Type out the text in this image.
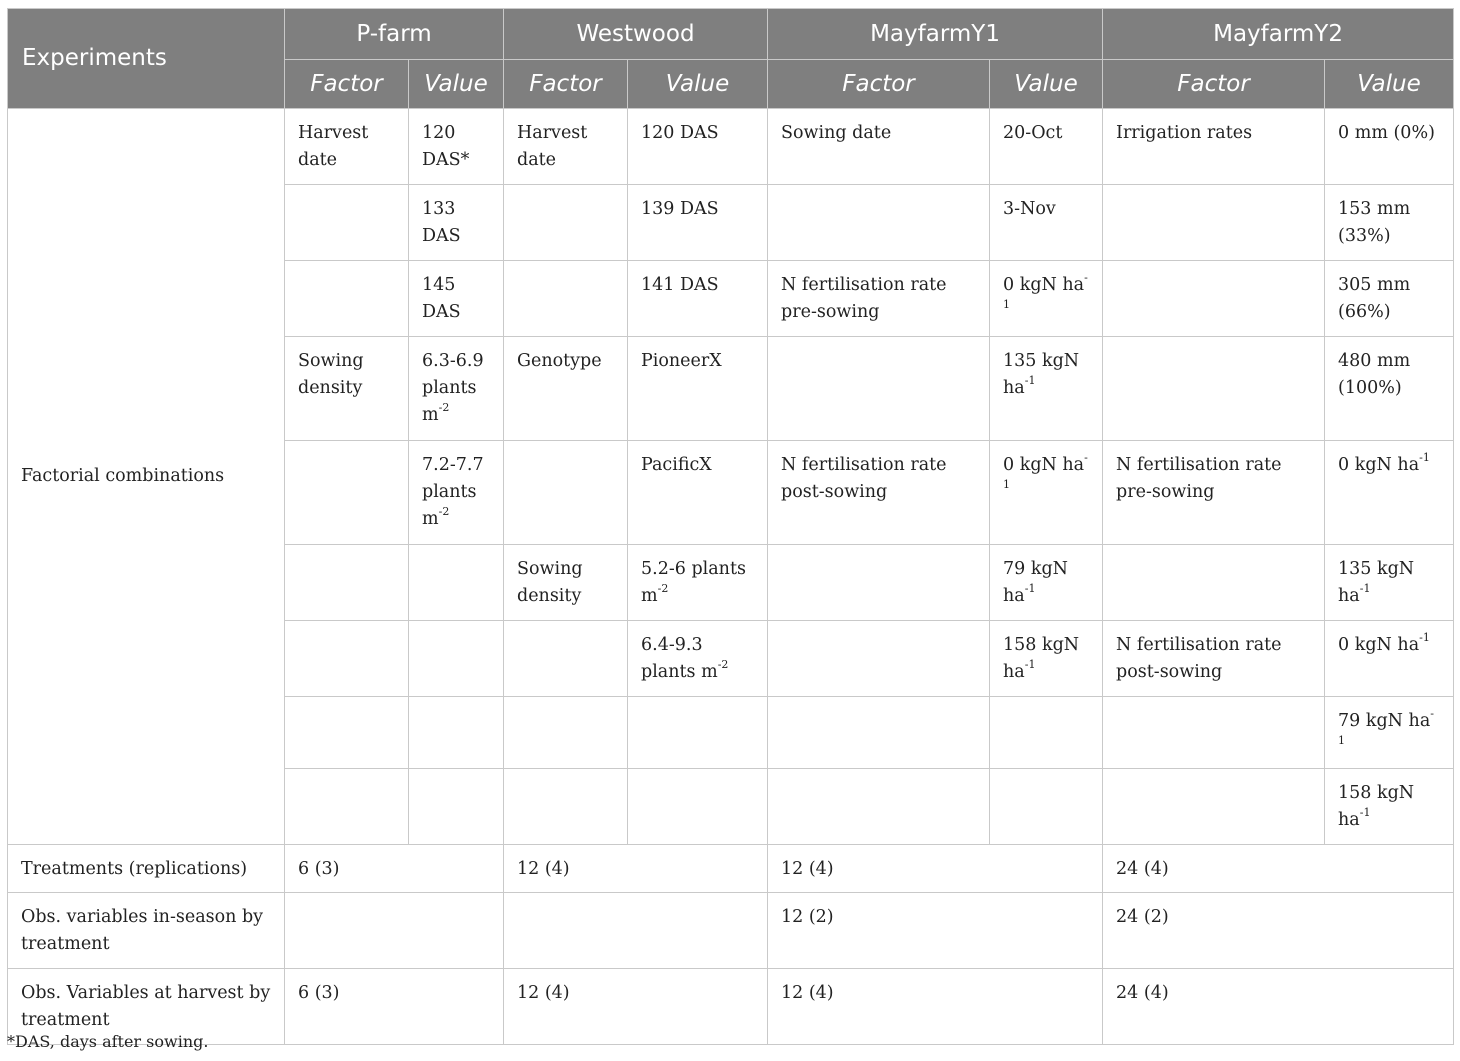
Experiments	P-farm		Westwood		MayfarmY1		MayfarmY2	
	Factor	Value	Factor	Value	Factor	Value	Factor	Value
Factorial combinations	Harvest date	120 DAS*	Harvest date	120 DAS	Sowing date	20-Oct	Irrigation rates	0 mm (0%)
		133 DAS		139 DAS		3-Nov		153 mm (33%)
		145 DAS		141 DAS	N fertilisation rate pre-sowing	0 kgN $ha^{-1}$		305 mm (66%)
	Sowing density	6.3-6.9 plants $m^{-2}$	Genotype	PioneerX		135 kgN $ha^{-1}$		480 mm (100%)
		7.2-7.7 plants $m^{-2}$		PacificX	N fertilisation rate post-sowing	0 kgN $ha^{-1}$	N fertilisation rate pre-sowing	0 kgN $ha^{-1}$
			Sowing density	5.2-6 plants $m^{-2}$		79 kgN $ha^{-1}$		135 kgN $ha^{-1}$
				6.4-9.3 plants $m^{-2}$		158 kgN $ha^{-1}$	N fertilisation rate post-sowing	0 kgN $ha^{-1}$
								79 kgN $ha^{-1}$
								158 kgN $ha^{-1}$
Treatments (replications)	6 (3)		12 (4)		12 (4)		24 (4)	
Obs. variables in-season by treatment					12 (2)		24 (2)	
Obs. Variables at harvest by treatment	6 (3)		12 (4)		12 (4)		24 (4)	
*DAS, days after sowing.
